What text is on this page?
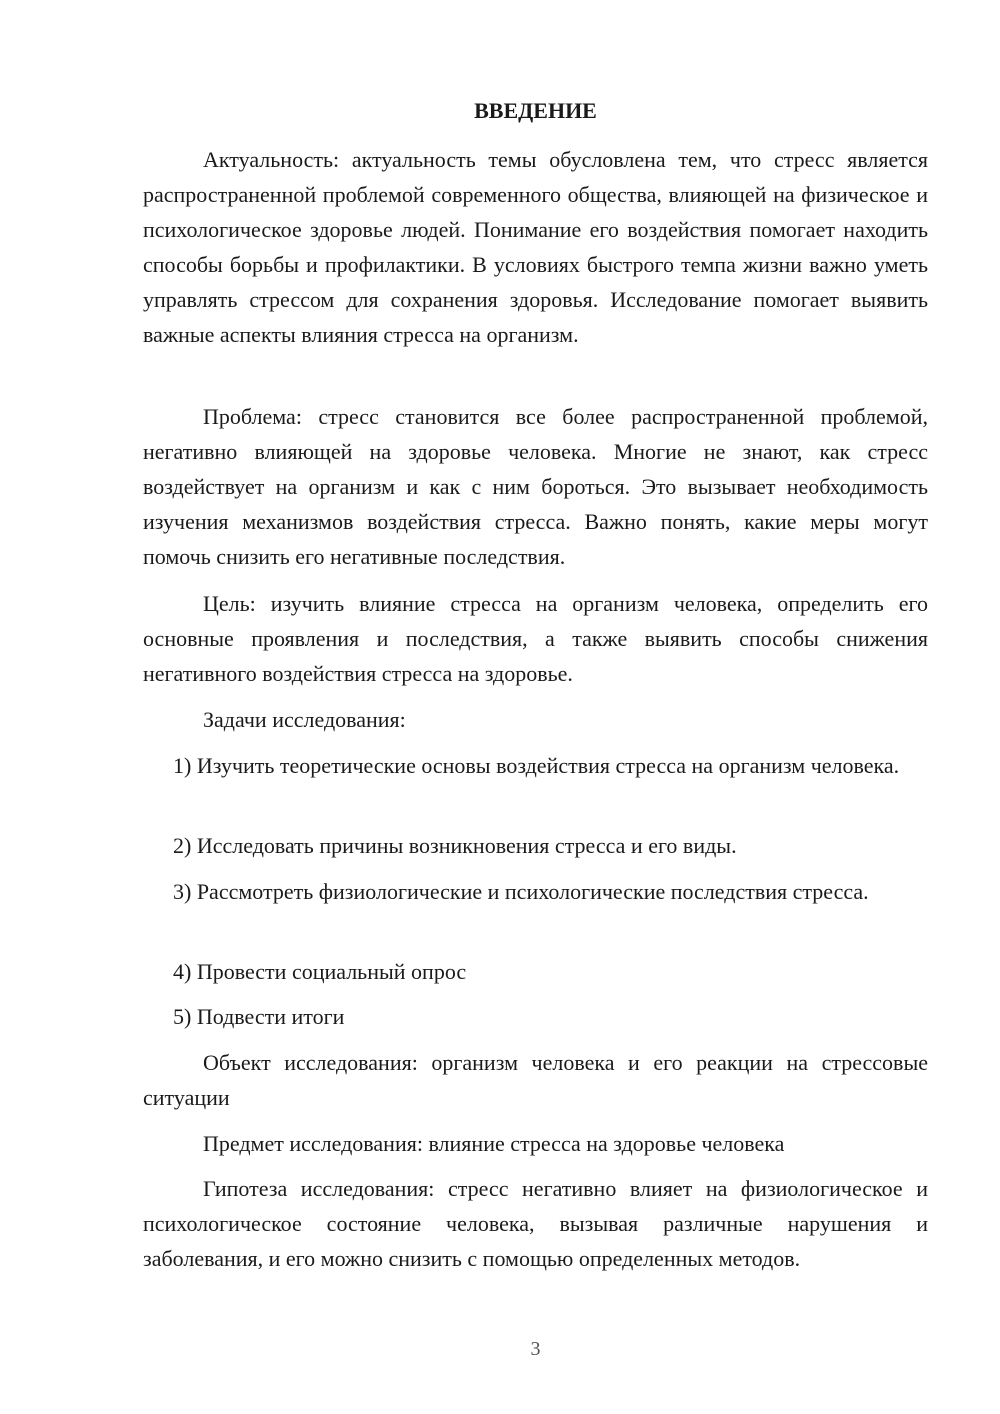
ВВЕДЕНИЕ

Актуальность: актуальность темы обусловлена тем, что стресс является распространенной проблемой современного общества, влияющей на физическое и психологическое здоровье людей. Понимание его воздействия помогает находить способы борьбы и профилактики. В условиях быстрого темпа жизни важно уметь управлять стрессом для сохранения здоровья. Исследование помогает выявить важные аспекты влияния стресса на организм.

Проблема: стресс становится все более распространенной проблемой, негативно влияющей на здоровье человека. Многие не знают, как стресс воздействует на организм и как с ним бороться. Это вызывает необходимость изучения механизмов воздействия стресса. Важно понять, какие меры могут помочь снизить его негативные последствия.

Цель: изучить влияние стресса на организм человека, определить его основные проявления и последствия, а также выявить способы снижения негативного воздействия стресса на здоровье.

Задачи исследования:

1) Изучить теоретические основы воздействия стресса на организм человека.

2) Исследовать причины возникновения стресса и его виды.

3) Рассмотреть физиологические и психологические последствия стресса.

4) Провести социальный опрос

5) Подвести итоги

Объект исследования: организм человека и его реакции на стрессовые ситуации

Предмет исследования: влияние стресса на здоровье человека

Гипотеза исследования: стресс негативно влияет на физиологическое и психологическое состояние человека, вызывая различные нарушения и заболевания, и его можно снизить с помощью определенных методов.

3
